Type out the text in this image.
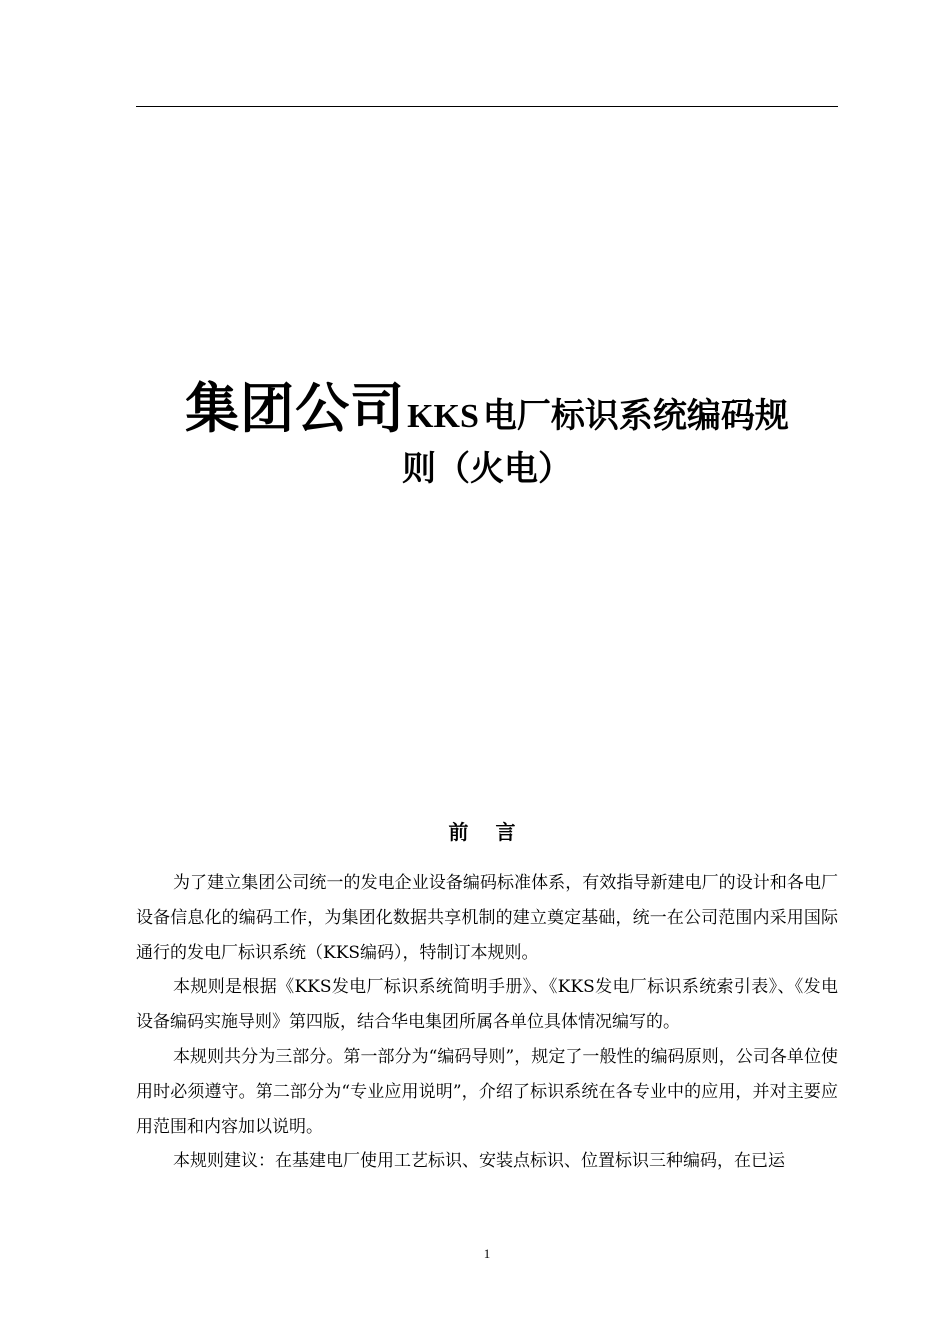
集团公司KKS 电厂标识系统编码规
则（火电）
前 言

为了建立集团公司统一的发电企业设备编码标准体系，有效指导新建电厂的设计和各电厂设备信息化的编码工作，为集团化数据共享机制的建立奠定基础，统一在公司范围内采用国际通行的发电厂标识系统（KKS编码），特制订本规则。

本规则是根据《KKS发电厂标识系统简明手册》、《KKS发电厂标识系统索引表》、《发电设备编码实施导则》第四版，结合华电集团所属各单位具体情况编写的。

本规则共分为三部分。第一部分为“编码导则”，规定了一般性的编码原则，公司各单位使用时必须遵守。第二部分为“专业应用说明”，介绍了标识系统在各专业中的应用，并对主要应用范围和内容加以说明。

本规则建议：在基建电厂使用工艺标识、安装点标识、位置标识三种编码，在已运

1
